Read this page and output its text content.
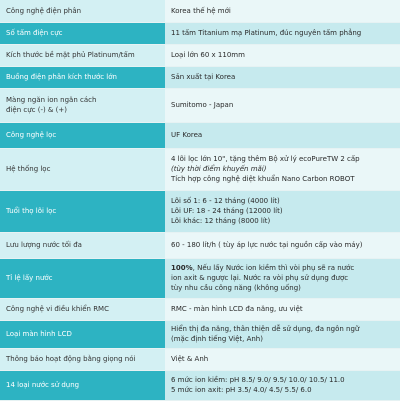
Công nghệ điện phân	Korea thế hệ mới

Số tấm điện cực	11 tấm Titanium mạ Platinum, đúc nguyên tấm phẳng

Kích thước bề mặt phủ Platinum/tấm	Loại lớn 60 x 110mm

Buồng điện phân kích thước lớn	Sản xuất tại Korea

Màng ngăn ion ngăn cách
điện cực (-) & (+)	Sumitomo - Japan

Công nghệ lọc	UF Korea

Hệ thống lọc	4 lõi lọc lớn 10", tặng thêm Bộ xử lý ecoPureTW 2 cấp
(tùy thời điểm khuyến mãi)
Tích hợp công nghệ diệt khuẩn Nano Carbon ROBOT

Tuổi thọ lõi lọc	Lõi số 1: 6 - 12 tháng (4000 lít)
Lõi UF: 18 - 24 tháng (12000 lít)
Lõi khác: 12 tháng (8000 lít)

Lưu lượng nước tối đa	60 - 180 lít/h ( tùy áp lực nước tại nguồn cấp vào máy)

Tỉ lệ lấy nước	100%, Nếu lấy Nước ion kiềm thì vòi phụ sẽ ra nước
ion axit & ngược lại. Nước ra vòi phụ sử dụng được
tùy nhu cầu công năng (không uống)

Công nghệ vi điều khiển RMC	RMC - màn hình LCD đa năng, ưu việt

Loại màn hình LCD	Hiển thị đa năng, thân thiện dễ sử dụng, đa ngôn ngữ
(mặc định tiếng Việt, Anh)

Thông báo hoạt động bằng giọng nói	Việt & Anh

14 loại nước sử dụng	6 mức ion kiềm: pH 8.5/ 9.0/ 9.5/ 10.0/ 10.5/ 11.0
5 mức ion axit: pH 3.5/ 4.0/ 4.5/ 5.5/ 6.0
